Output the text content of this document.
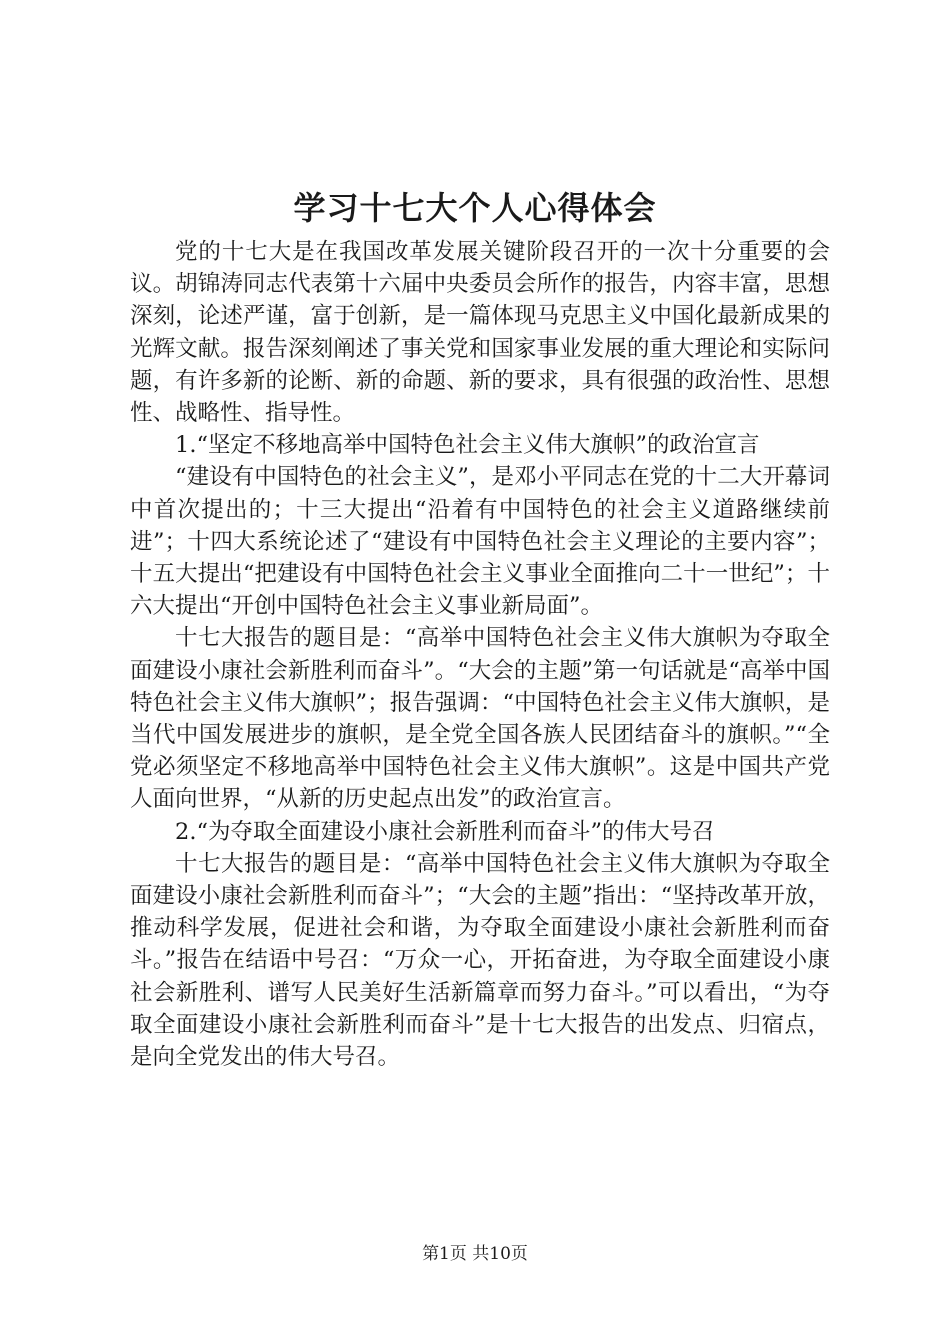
学习十七大个人心得体会

党的十七大是在我国改革发展关键阶段召开的一次十分重要的会议。胡锦涛同志代表第十六届中央委员会所作的报告，内容丰富，思想深刻，论述严谨，富于创新，是一篇体现马克思主义中国化最新成果的光辉文献。报告深刻阐述了事关党和国家事业发展的重大理论和实际问题，有许多新的论断、新的命题、新的要求，具有很强的政治性、思想性、战略性、指导性。

1.“坚定不移地高举中国特色社会主义伟大旗帜”的政治宣言

“建设有中国特色的社会主义”，是邓小平同志在党的十二大开幕词中首次提出的；十三大提出“沿着有中国特色的社会主义道路继续前进”；十四大系统论述了“建设有中国特色社会主义理论的主要内容”；十五大提出“把建设有中国特色社会主义事业全面推向二十一世纪”；十六大提出“开创中国特色社会主义事业新局面”。

十七大报告的题目是：“高举中国特色社会主义伟大旗帜为夺取全面建设小康社会新胜利而奋斗”。“大会的主题”第一句话就是“高举中国特色社会主义伟大旗帜”；报告强调：“中国特色社会主义伟大旗帜，是当代中国发展进步的旗帜，是全党全国各族人民团结奋斗的旗帜。”“全党必须坚定不移地高举中国特色社会主义伟大旗帜”。这是中国共产党人面向世界，“从新的历史起点出发”的政治宣言。

2.“为夺取全面建设小康社会新胜利而奋斗”的伟大号召

十七大报告的题目是：“高举中国特色社会主义伟大旗帜为夺取全面建设小康社会新胜利而奋斗”；“大会的主题”指出：“坚持改革开放，推动科学发展，促进社会和谐，为夺取全面建设小康社会新胜利而奋斗。”报告在结语中号召：“万众一心，开拓奋进，为夺取全面建设小康社会新胜利、谱写人民美好生活新篇章而努力奋斗。”可以看出，“为夺取全面建设小康社会新胜利而奋斗”是十七大报告的出发点、归宿点，是向全党发出的伟大号召。

第1页 共10页
